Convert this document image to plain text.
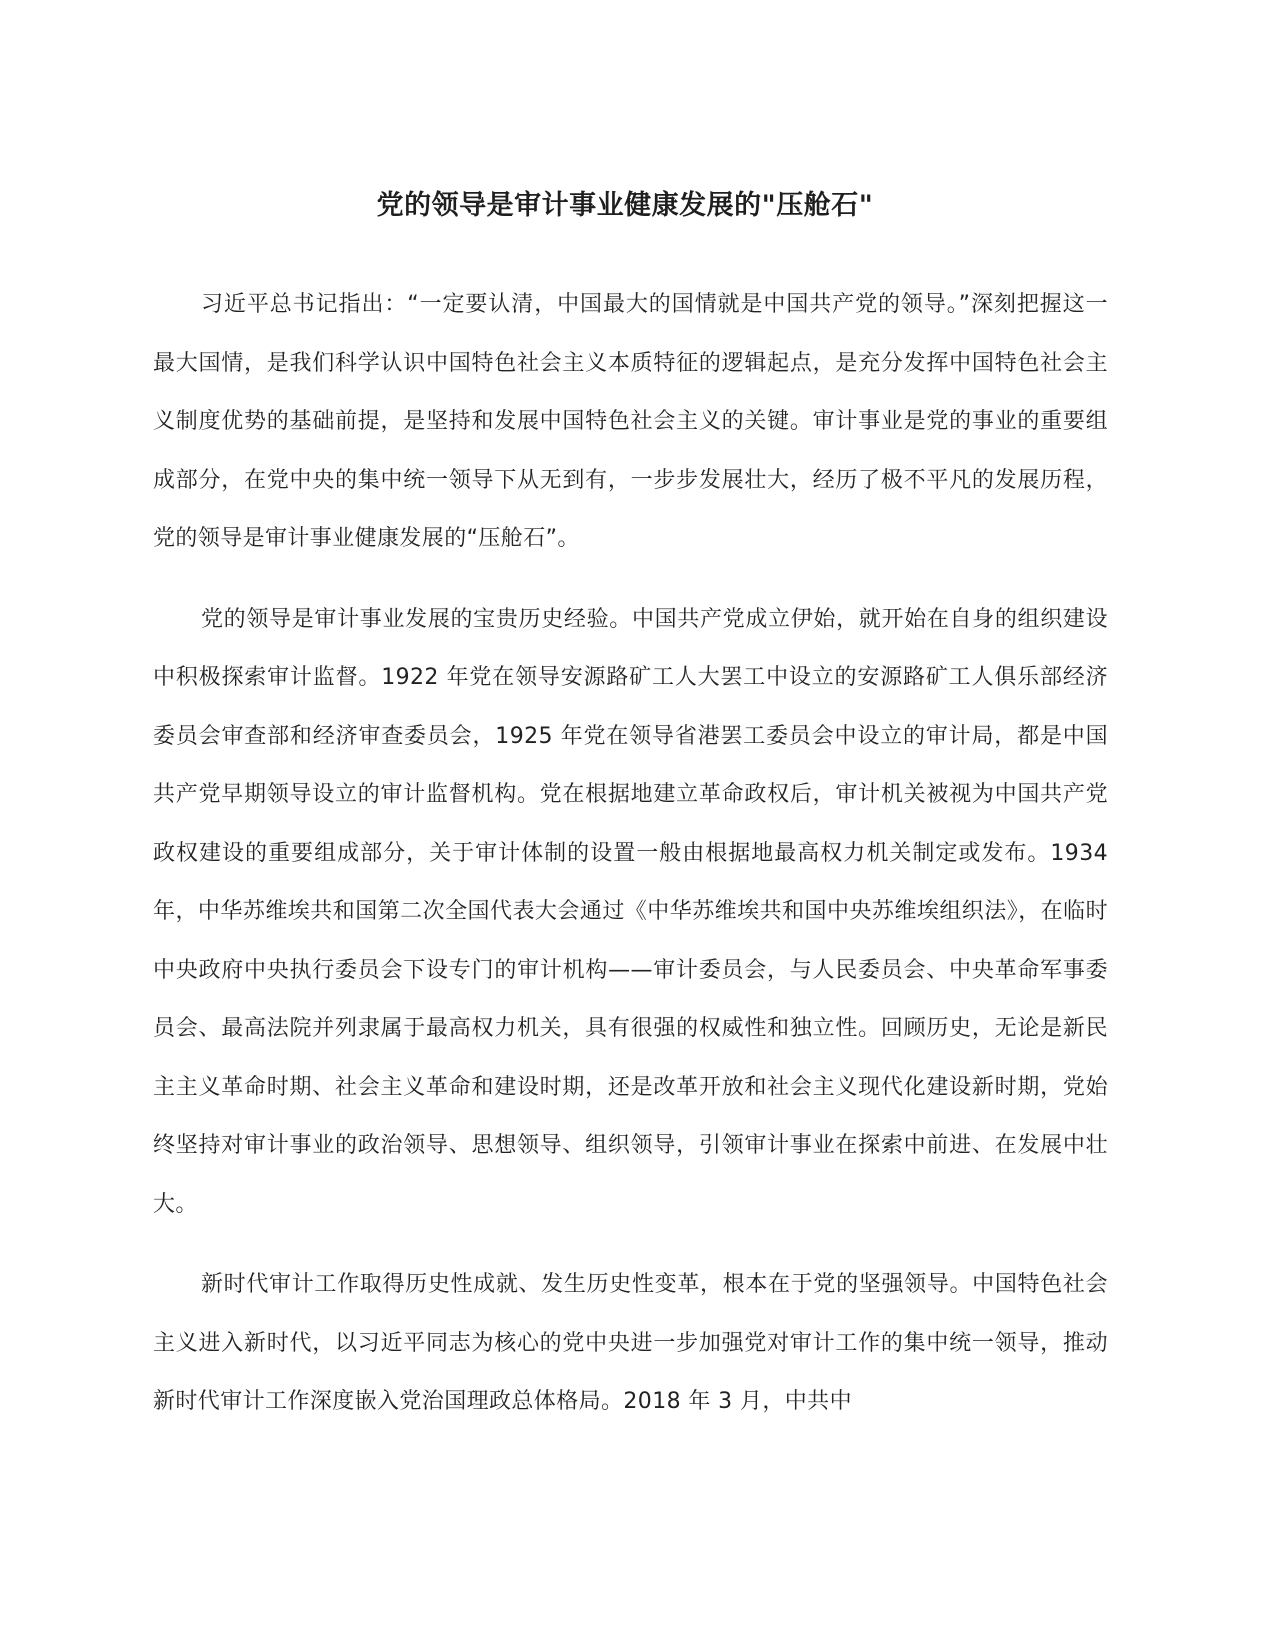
党的领导是审计事业健康发展的"压舱石"

习近平总书记指出：“一定要认清，中国最大的国情就是中国共产党的领导。”深刻把握这一最大国情，是我们科学认识中国特色社会主义本质特征的逻辑起点，是充分发挥中国特色社会主义制度优势的基础前提，是坚持和发展中国特色社会主义的关键。审计事业是党的事业的重要组成部分，在党中央的集中统一领导下从无到有，一步步发展壮大，经历了极不平凡的发展历程，党的领导是审计事业健康发展的“压舱石”。

党的领导是审计事业发展的宝贵历史经验。中国共产党成立伊始，就开始在自身的组织建设中积极探索审计监督。1922 年党在领导安源路矿工人大罢工中设立的安源路矿工人俱乐部经济委员会审查部和经济审查委员会，1925 年党在领导省港罢工委员会中设立的审计局，都是中国共产党早期领导设立的审计监督机构。党在根据地建立革命政权后，审计机关被视为中国共产党政权建设的重要组成部分，关于审计体制的设置一般由根据地最高权力机关制定或发布。1934 年，中华苏维埃共和国第二次全国代表大会通过《中华苏维埃共和国中央苏维埃组织法》，在临时中央政府中央执行委员会下设专门的审计机构——审计委员会，与人民委员会、中央革命军事委员会、最高法院并列隶属于最高权力机关，具有很强的权威性和独立性。回顾历史，无论是新民主主义革命时期、社会主义革命和建设时期，还是改革开放和社会主义现代化建设新时期，党始终坚持对审计事业的政治领导、思想领导、组织领导，引领审计事业在探索中前进、在发展中壮大。

新时代审计工作取得历史性成就、发生历史性变革，根本在于党的坚强领导。中国特色社会主义进入新时代，以习近平同志为核心的党中央进一步加强党对审计工作的集中统一领导，推动新时代审计工作深度嵌入党治国理政总体格局。2018 年 3 月，中共中
